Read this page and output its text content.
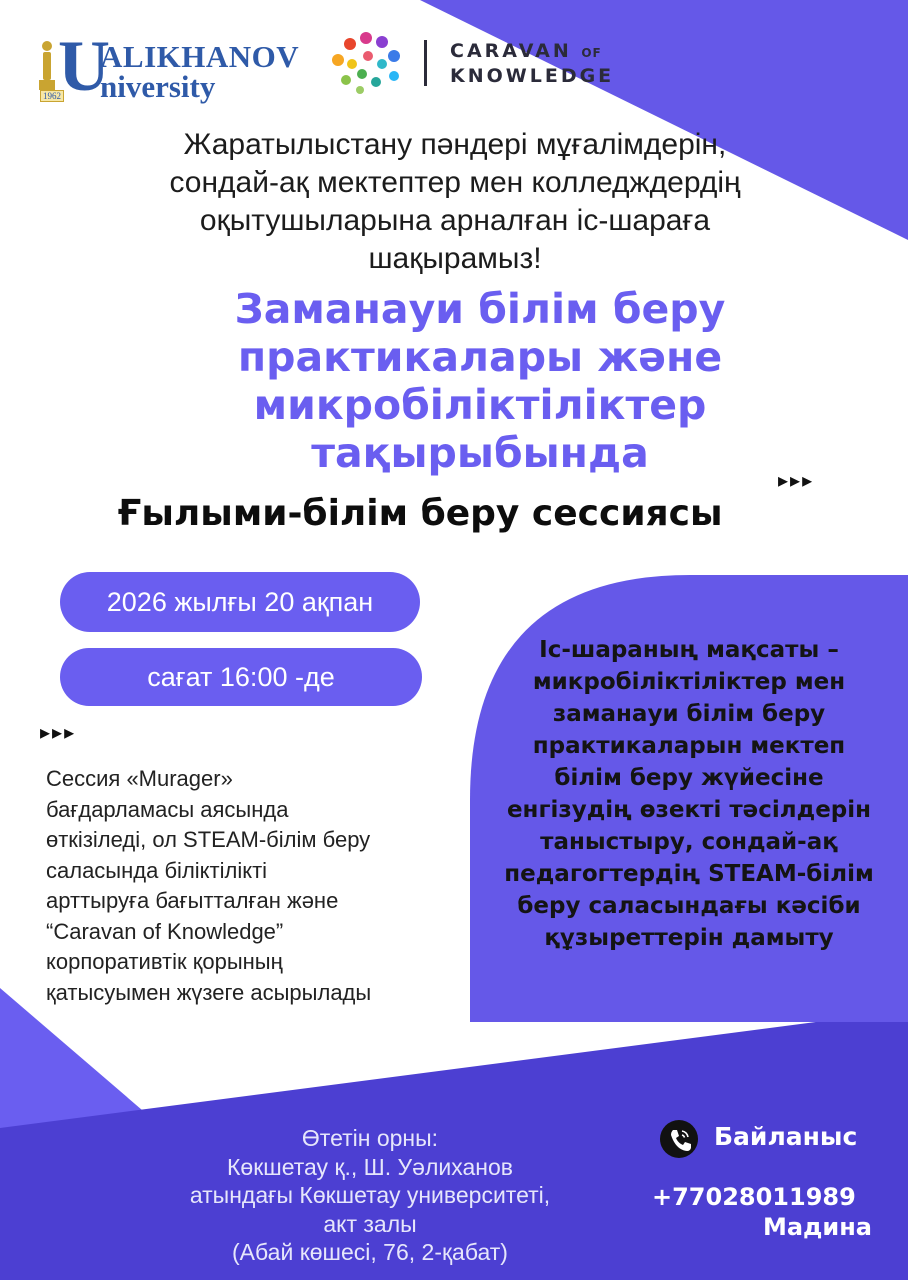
1962
U
ALIKHANOV
niversity
CARAVAN OF
KNOWLEDGE
Жаратылыстану пәндері мұғалімдерін,
сондай-ақ мектептер мен колледждердің
оқытушыларына арналған іс-шараға
шақырамыз!
Заманауи білім беру
практикалары және
микробіліктіліктер
тақырыбында
▸▸▸
Ғылыми-білім беру сессиясы
2026 жылғы 20 ақпан
сағат 16:00 -де
▸▸▸
Сессия «Murager»
бағдарламасы аясында
өткізіледі, ол STEAM-білім беру
саласында біліктілікті
арттыруға бағытталған және
“Caravan of Knowledge”
корпоративтік қорының
қатысуымен жүзеге асырылады
Іс-шараның мақсаты –
микробіліктіліктер мен
заманауи білім беру
практикаларын мектеп
білім беру жүйесіне
енгізудің өзекті тәсілдерін
таныстыру, сондай-ақ
педагогтердің STEAM-білім
беру саласындағы кәсіби
құзыреттерін дамыту
Өтетін орны:
Көкшетау қ., Ш. Уәлиханов
атындағы Көкшетау университеті,
акт залы
(Абай көшесі, 76, 2-қабат)
Байланыс
+77028011989
Мадина
